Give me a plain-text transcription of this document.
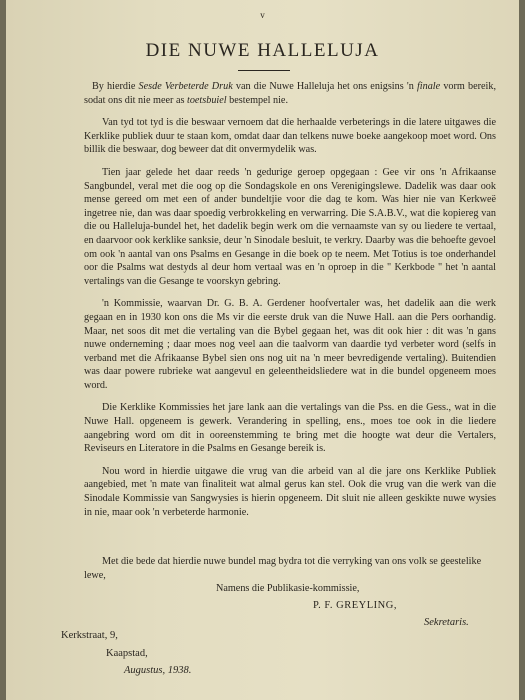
v
DIE NUWE HALLELUJA

By hierdie Sesde Verbeterde Druk van die Nuwe Halleluja het ons enigsins 'n finale vorm bereik, sodat ons dit nie meer as toetsbuiel bestempel nie.

Van tyd tot tyd is die beswaar vernoem dat die herhaalde verbeterings in die latere uitgawes die Kerklike publiek duur te staan kom, omdat daar dan telkens nuwe boeke aangekoop moet word. Ons billik die beswaar, dog beweer dat dit onvermydelik was.

Tien jaar gelede het daar reeds 'n gedurige geroep opgegaan : Gee vir ons 'n Afrikaanse Sangbundel, veral met die oog op die Sondagskole en ons Verenigingslewe. Dadelik was daar ook mense gereed om met een of ander bundeltjie voor die dag te kom. Was hier nie van Kerkweë ingetree nie, dan was daar spoedig verbrokkeling en verwarring. Die S.A.B.V., wat die kopiereg van die ou Halleluja-bundel het, het dadelik begin werk om die vernaamste van sy ou liedere te vertaal, en daarvoor ook kerklike sanksie, deur 'n Sinodale besluit, te verkry. Daarby was die behoefte gevoel om ook 'n aantal van ons Psalms en Gesange in die boek op te neem. Met Totius is toe onderhandel oor die Psalms wat destyds al deur hom vertaal was en 'n oproep in die " Kerkbode " het 'n aantal vertalings van die Gesange te voorskyn gebring.

'n Kommissie, waarvan Dr. G. B. A. Gerdener hoofvertaler was, het dadelik aan die werk gegaan en in 1930 kon ons die Ms vir die eerste druk van die Nuwe Hall. aan die Pers oorhandig. Maar, net soos dit met die vertaling van die Bybel gegaan het, was dit ook hier : dit was 'n gans nuwe onderneming ; daar moes nog veel aan die taalvorm van daardie tyd verbeter word (selfs in verband met die Afrikaanse Bybel sien ons nog uit na 'n meer bevredigende vertaling). Buitendien was daar powere rubrieke wat aangevul en geleentheidsliedere wat in die bundel opgeneem moes word.

Die Kerklike Kommissies het jare lank aan die vertalings van die Pss. en die Gess., wat in die Nuwe Hall. opgeneem is gewerk. Verandering in spelling, ens., moes toe ook in die liedere aangebring word om dit in ooreenstemming te bring met die hoogte wat deur die Vertalers, Reviseurs en Literatore in die Psalms en Gesange bereik is.

Nou word in hierdie uitgawe die vrug van die arbeid van al die jare ons Kerklike Publiek aangebied, met 'n mate van finaliteit wat almal gerus kan stel. Ook die vrug van die werk van die Sinodale Kommissie van Sangwysies is hierin opgeneem. Dit sluit nie alleen geskikte nuwe wysies in nie, maar ook 'n verbeterde harmonie.

Met die bede dat hierdie nuwe bundel mag bydra tot die verryking van ons volk se geestelike lewe,

Namens die Publikasie-kommissie,
P. F. GREYLING,
Sekretaris.
Kerkstraat, 9,
Kaapstad,
Augustus, 1938.
